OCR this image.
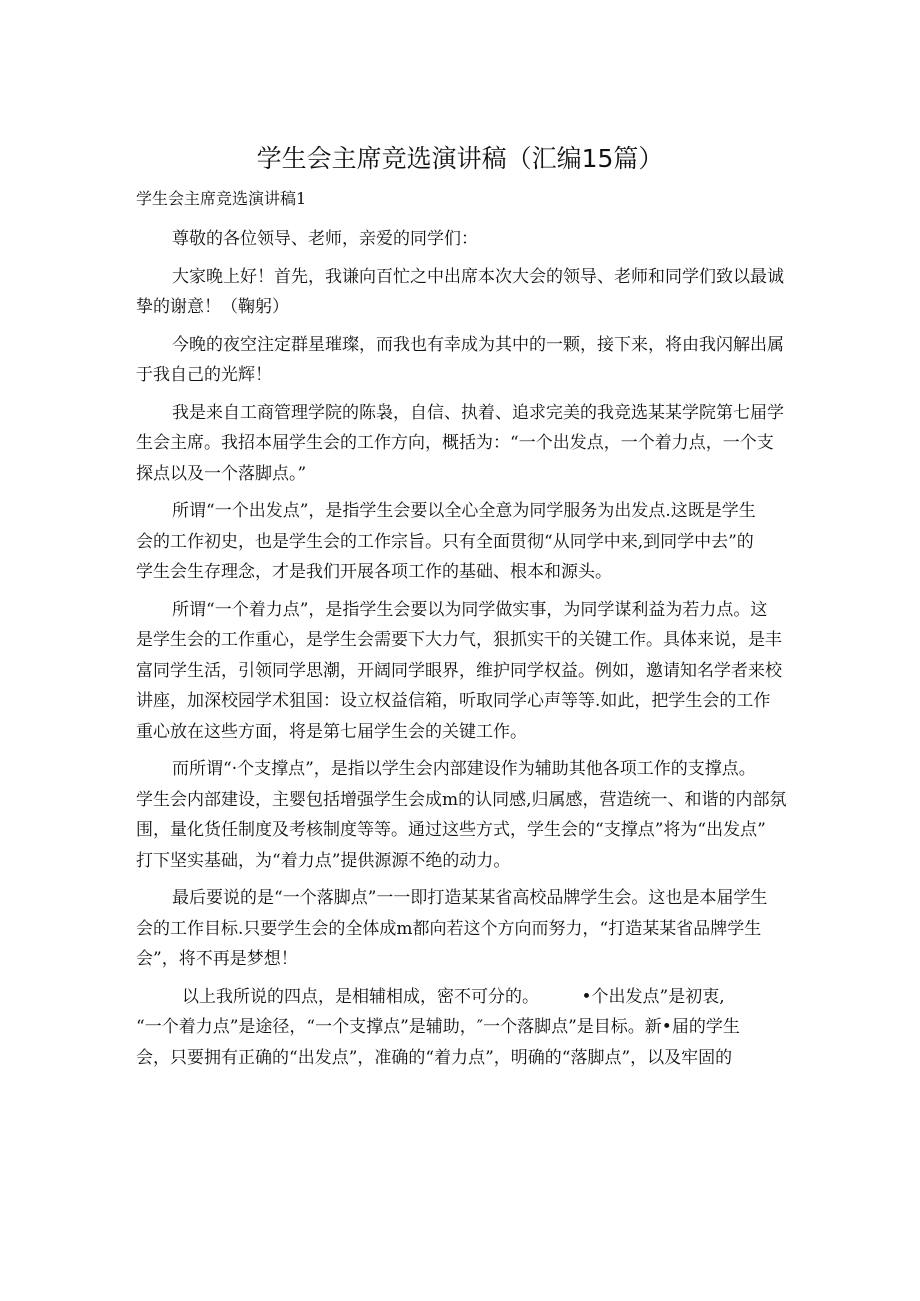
学生会主席竞选演讲稿（汇编15篇）
学生会主席竞选演讲稿1
尊敬的各位领导、老师，亲爱的同学们：
大家晚上好！首先，我谦向百忙之中出席本次大会的领导、老师和同学们致以最诚
挚的谢意！（鞠躬）
今晚的夜空注定群星璀璨，而我也有幸成为其中的一颗，接下来，将由我闪解出属
于我自己的光辉！
我是来自工商管理学院的陈袅，自信、执着、追求完美的我竞选某某学院第七届学
生会主席。我招本届学生会的工作方向，概括为：“一个出发点，一个着力点，一个支
探点以及一个落脚点。”
所谓“一个出发点”，是指学生会要以全心全意为同学服务为出发点.这既是学生
会的工作初史，也是学生会的工作宗旨。只有全面贯彻“从同学中来,到同学中去”的
学生会生存理念，才是我们开展各项工作的基础、根本和源头。
所谓“一个着力点”，是指学生会要以为同学做实事，为同学谋利益为若力点。这
是学生会的工作重心，是学生会需要下大力气，狠抓实干的关键工作。具体来说，是丰
富同学生活，引领同学思潮，开阔同学眼界，维护同学权益。例如，邀请知名学者来校
讲座，加深校园学术狙国：设立权益信箱，听取同学心声等等.如此，把学生会的工作
重心放在这些方面，将是第七届学生会的关键工作。
而所谓“·个支撑点”，是指以学生会内部建设作为辅助其他各项工作的支撑点。
学生会内部建设，主婴包括增强学生会成m的认同感,归属感，营造统一、和谐的内部氛
围，量化货任制度及考核制度等等。通过这些方式，学生会的“支撑点”将为“出发点”
打下坚实基础，为“着力点”提供源源不绝的动力。
最后要说的是“一个落脚点”一一即打造某某省高校品牌学生会。这也是本届学生
会的工作目标.只要学生会的全体成m都向若这个方向而努力，“打造某某省品牌学生
会”，将不再是梦想！
以上我所说的四点，是相辅相成，密不可分的。　　　•个出发点”是初衷,
“一个着力点”是途径，“一个支撑点”是辅助，″一个落脚点”是目标。新•届的学生
会，只要拥有正确的“出发点”，准确的“着力点”，明确的“落脚点”，以及牢固的
